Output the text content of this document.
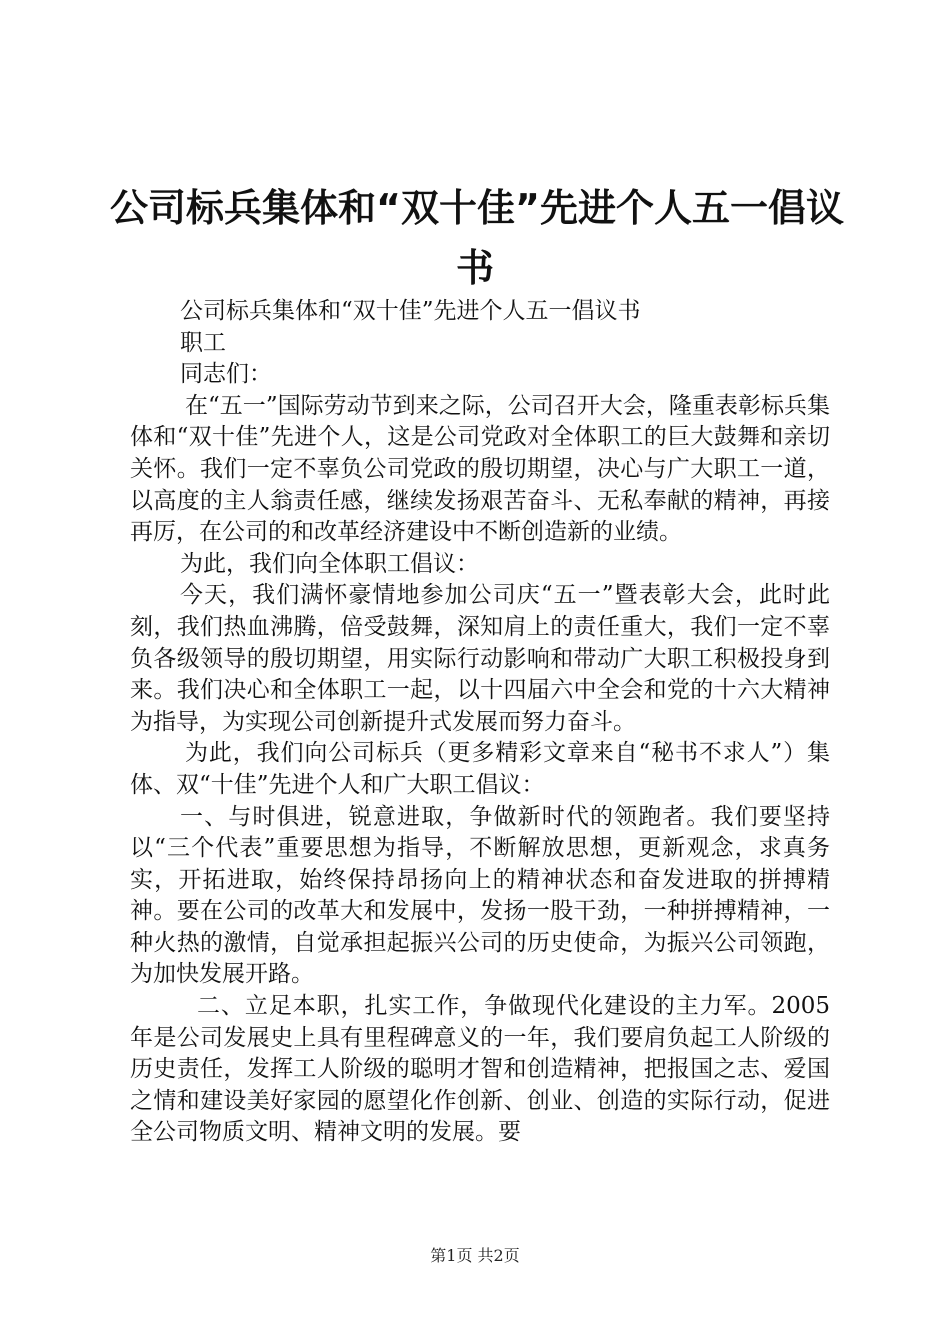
公司标兵集体和“双十佳”先进个人五一倡议
书

公司标兵集体和“双十佳”先进个人五一倡议书

职工

同志们：

在“五一”国际劳动节到来之际，公司召开大会，隆重表彰标兵集体和“双十佳”先进个人，这是公司党政对全体职工的巨大鼓舞和亲切关怀。我们一定不辜负公司党政的殷切期望，决心与广大职工一道，以高度的主人翁责任感，继续发扬艰苦奋斗、无私奉献的精神，再接再厉，在公司的和改革经济建设中不断创造新的业绩。

为此，我们向全体职工倡议：

今天，我们满怀豪情地参加公司庆“五一”暨表彰大会，此时此刻，我们热血沸腾，倍受鼓舞，深知肩上的责任重大，我们一定不辜负各级领导的殷切期望，用实际行动影响和带动广大职工积极投身到来。我们决心和全体职工一起，以十四届六中全会和党的十六大精神为指导，为实现公司创新提升式发展而努力奋斗。

为此，我们向公司标兵（更多精彩文章来自“秘书不求人”）集体、双“十佳”先进个人和广大职工倡议：

一、与时俱进，锐意进取，争做新时代的领跑者。我们要坚持以“三个代表”重要思想为指导，不断解放思想，更新观念，求真务实，开拓进取，始终保持昂扬向上的精神状态和奋发进取的拼搏精神。要在公司的改革大和发展中，发扬一股干劲，一种拼搏精神，一种火热的激情，自觉承担起振兴公司的历史使命，为振兴公司领跑，为加快发展开路。

二、立足本职，扎实工作，争做现代化建设的主力军。2005年是公司发展史上具有里程碑意义的一年，我们要肩负起工人阶级的历史责任，发挥工人阶级的聪明才智和创造精神，把报国之志、爱国之情和建设美好家园的愿望化作创新、创业、创造的实际行动，促进全公司物质文明、精神文明的发展。要

第1页 共2页
